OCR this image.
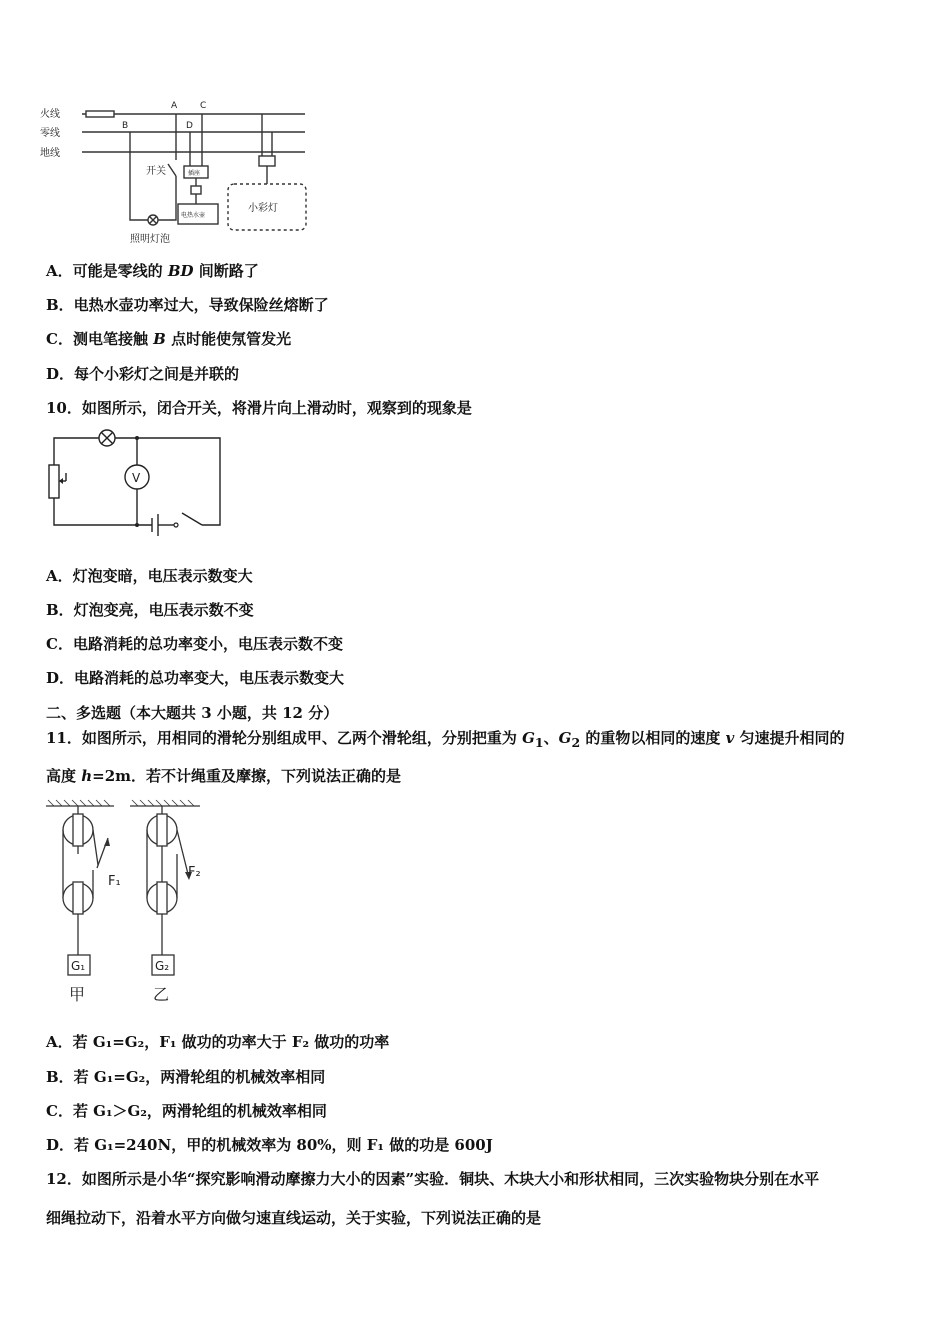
火线
零线
地线
A
B
C
D
开关	插座
电热水壶
小彩灯
照明灯泡
A．可能是零线的 BD 间断路了
B．电热水壶功率过大，导致保险丝熔断了
C．测电笔接触 B 点时能使氖管发光
D．每个小彩灯之间是并联的
10．如图所示，闭合开关，将滑片向上滑动时，观察到的现象是
V
A．灯泡变暗，电压表示数变大
B．灯泡变亮，电压表示数不变
C．电路消耗的总功率变小，电压表示数不变
D．电路消耗的总功率变大，电压表示数变大
二、多选题（本大题共 3 小题，共 12 分）
11．如图所示，用相同的滑轮分别组成甲、乙两个滑轮组，分别把重为 $G_1$、$G_2$ 的重物以相同的速度 v 匀速提升相同的
高度 h=2m．若不计绳重及摩擦，下列说法正确的是
F₁
F₂
G₁	G₂
甲	乙
A．若 G₁=G₂，F₁ 做功的功率大于 F₂ 做功的功率
B．若 G₁=G₂，两滑轮组的机械效率相同
C．若 G₁＞G₂，两滑轮组的机械效率相同
D．若 G₁=240N，甲的机械效率为 80%，则 F₁ 做的功是 600J
12．如图所示是小华“探究影响滑动摩擦力大小的因素”实验．铜块、木块大小和形状相同，三次实验物块分别在水平
细绳拉动下，沿着水平方向做匀速直线运动，关于实验，下列说法正确的是
